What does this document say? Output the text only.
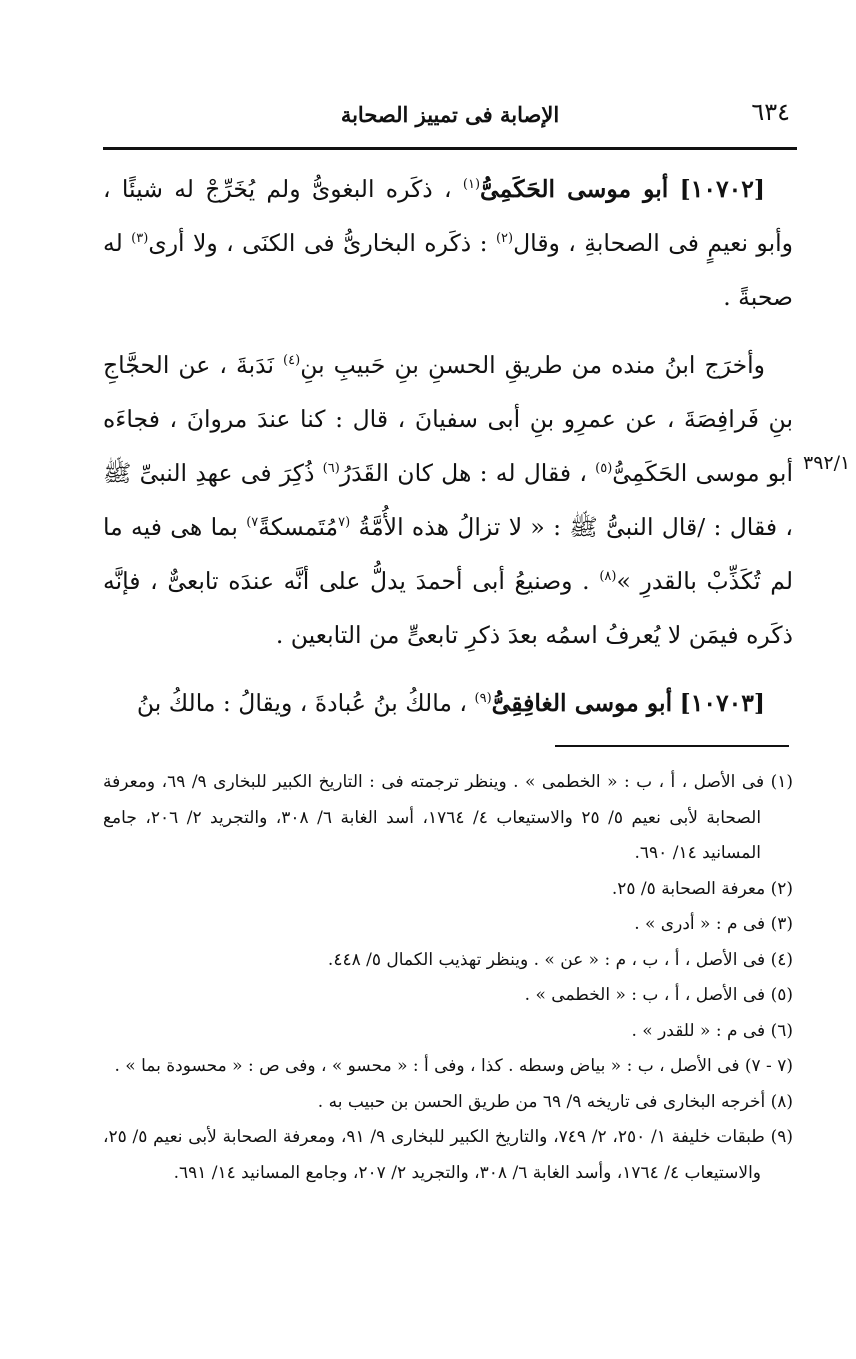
٦٣٤
الإصابة فى تمييز الصحابة
٣٩٢/١

[١٠٧٠٢] أبو موسى الحَكَمِىُّ$^{(١)}$ ، ذكَره البغوىُّ ولم يُخَرِّجْ له شيئًا ، وأبو نعيمٍ فى الصحابةِ ، وقال$^{(٢)}$ : ذكَره البخارىُّ فى الكنَى ، ولا أرى$^{(٣)}$ له صحبةً .

وأخرَج ابنُ منده من طريقِ الحسنِ بنِ حَبيبِ بنِ$^{(٤)}$ نَدَبةَ ، عن الحجَّاجِ بنِ فَرافِصَةَ ، عن عمرِو بنِ أبى سفيانَ ، قال : كنا عندَ مروانَ ، فجاءَه أبو موسى الحَكَمِىُّ$^{(٥)}$ ، فقال له : هل كان القَدَرُ$^{(٦)}$ ذُكِرَ فى عهدِ النبىِّ ﷺ ، فقال : /قال النبىُّ ﷺ : « لا تزالُ هذه الأُمَّةُ $^{(٧}$مُتَمسكةً$^{٧)}$ بما هى فيه ما لم تُكَذِّبْ بالقدرِ »$^{(٨)}$ . وصنيعُ أبى أحمدَ يدلُّ على أنَّه عندَه تابعىٌّ ، فإنَّه ذكَره فيمَن لا يُعرفُ اسمُه بعدَ ذكرِ تابعىٍّ من التابعين .

[١٠٧٠٣] أبو موسى الغافِقِىُّ$^{(٩)}$ ، مالكُ بنُ عُبادةَ ، ويقالُ : مالكُ بنُ

(١) فى الأصل ، أ ، ب : « الخطمى » . وينظر ترجمته فى : التاريخ الكبير للبخارى ٩/ ٦٩، ومعرفة الصحابة لأبى نعيم ٥/ ٢٥ والاستيعاب ٤/ ١٧٦٤، أسد الغابة ٦/ ٣٠٨، والتجريد ٢/ ٢٠٦، جامع المسانيد ١٤/ ٦٩٠.

(٢) معرفة الصحابة ٥/ ٢٥.

(٣) فى م : « أدرى » .

(٤) فى الأصل ، أ ، ب ، م : « عن » . وينظر تهذيب الكمال ٥/ ٤٤٨.

(٥) فى الأصل ، أ ، ب : « الخطمى » .

(٦) فى م : « للقدر » .

(٧ - ٧) فى الأصل ، ب : « بياض وسطه . كذا ، وفى أ : « محسو » ، وفى ص : « محسودة بما » .

(٨) أخرجه البخارى فى تاريخه ٩/ ٦٩ من طريق الحسن بن حبيب به .

(٩) طبقات خليفة ١/ ٢٥٠، ٢/ ٧٤٩، والتاريخ الكبير للبخارى ٩/ ٩١، ومعرفة الصحابة لأبى نعيم ٥/ ٢٥، والاستيعاب ٤/ ١٧٦٤، وأسد الغابة ٦/ ٣٠٨، والتجريد ٢/ ٢٠٧، وجامع المسانيد ١٤/ ٦٩١.
